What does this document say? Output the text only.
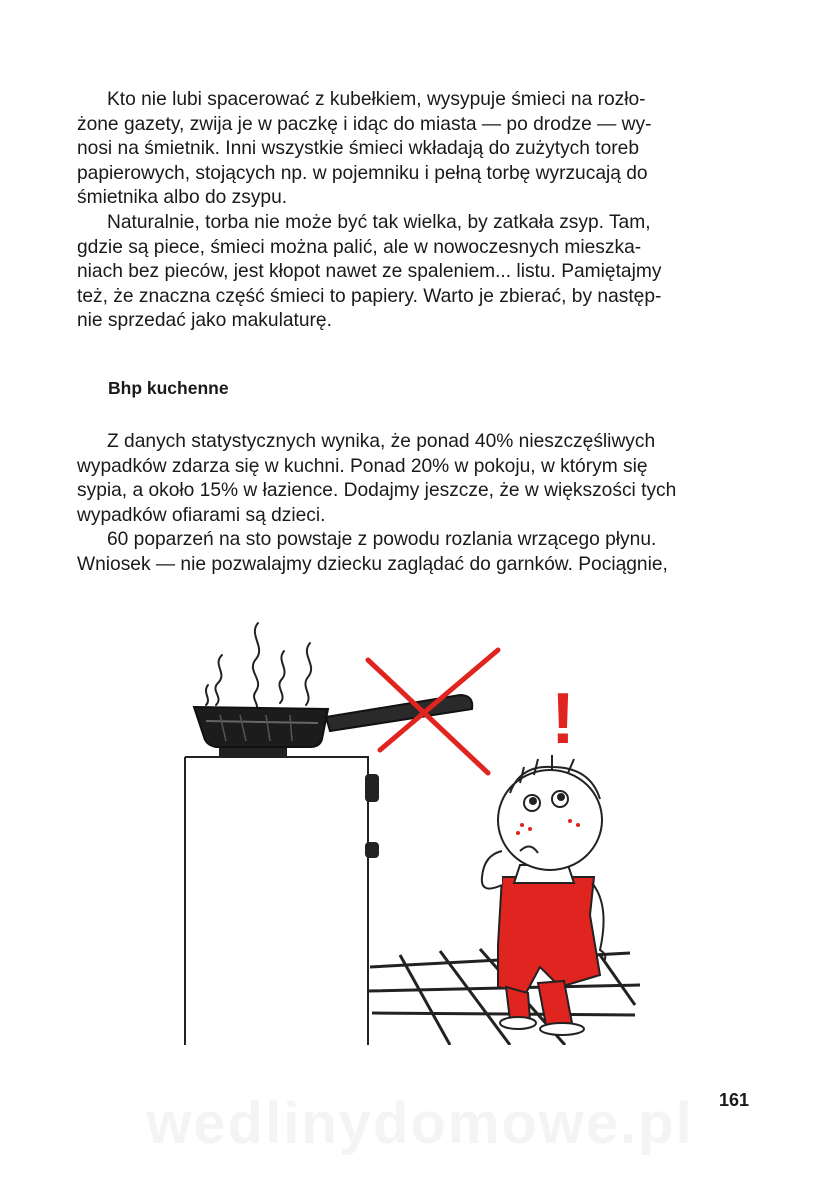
Kto nie lubi spacerować z kubełkiem, wysypuje śmieci na rozło-
żone gazety, zwija je w paczkę i idąc do miasta — po drodze — wy-
nosi na śmietnik. Inni wszystkie śmieci wkładają do zużytych toreb
papierowych, stojących np. w pojemniku i pełną torbę wyrzucają do
śmietnika albo do zsypu.

Naturalnie, torba nie może być tak wielka, by zatkała zsyp. Tam,
gdzie są piece, śmieci można palić, ale w nowoczesnych mieszka-
niach bez pieców, jest kłopot nawet ze spaleniem... listu. Pamiętajmy
też, że znaczna część śmieci to papiery. Warto je zbierać, by następ-
nie sprzedać jako makulaturę.

Bhp kuchenne

Z danych statystycznych wynika, że ponad 40% nieszczęśliwych
wypadków zdarza się w kuchni. Ponad 20% w pokoju, w którym się
sypia, a około 15% w łazience. Dodajmy jeszcze, że w większości tych
wypadków ofiarami są dzieci.

60 poparzeń na sto powstaje z powodu rozlania wrzącego płynu.
Wniosek — nie pozwalajmy dziecku zaglądać do garnków. Pociągnie,

!
wedlinydomowe.pl	161
